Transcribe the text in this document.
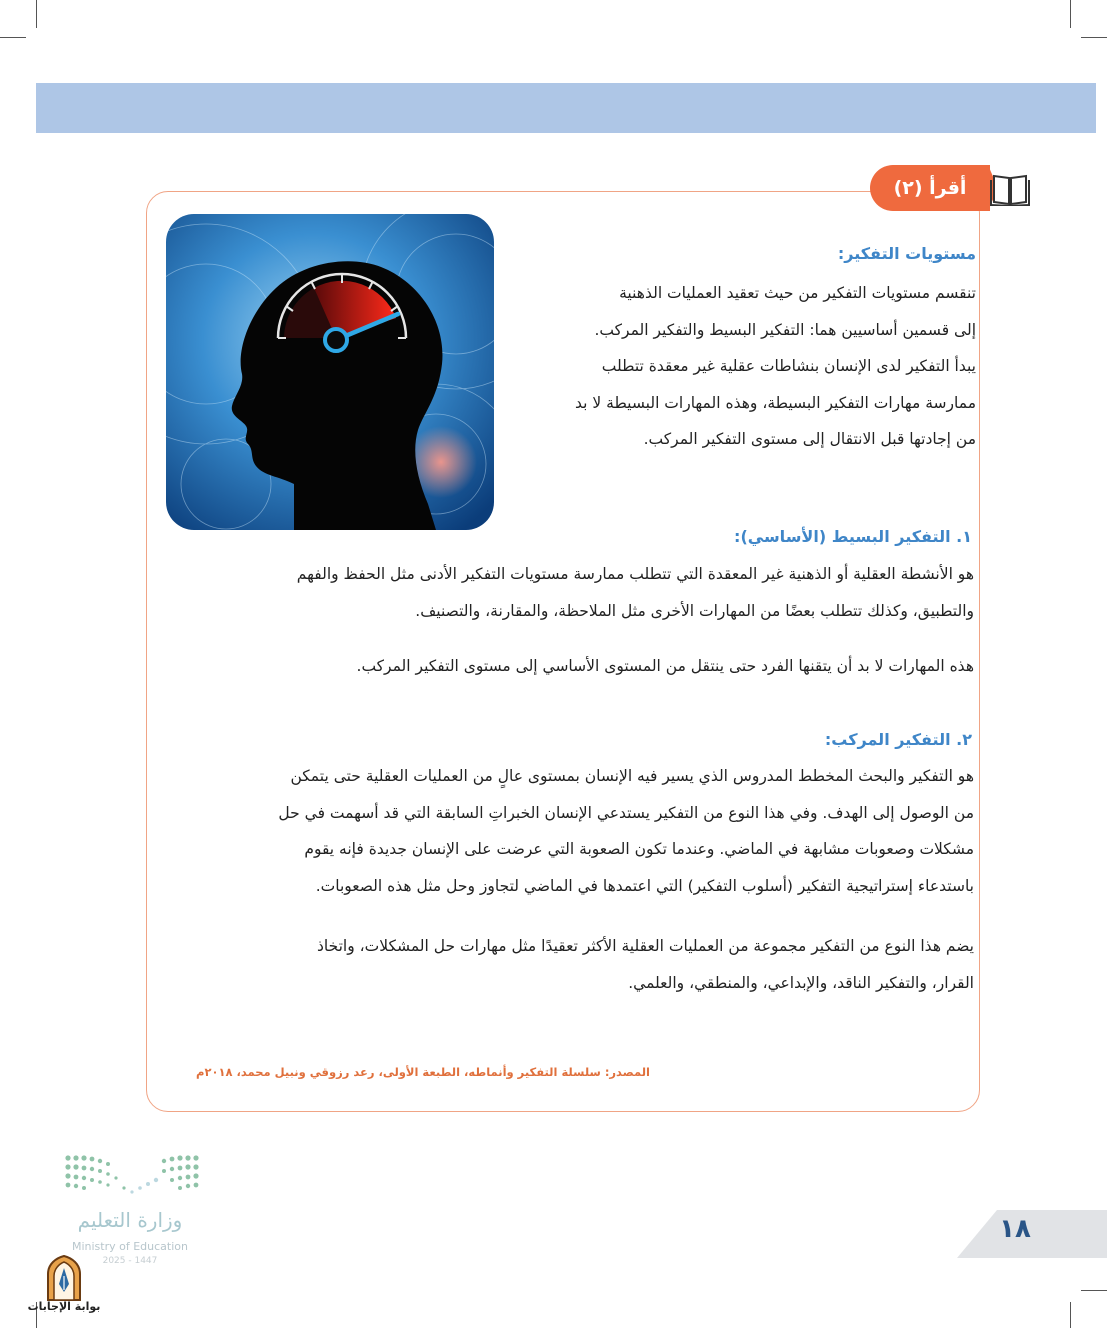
أقرأ (٢)

مستويات التفكير:

تنقسم مستويات التفكير من حيث تعقيد العمليات الذهنية
إلى قسمين أساسيين هما: التفكير البسيط والتفكير المركب.
يبدأ التفكير لدى الإنسان بنشاطات عقلية غير معقدة تتطلب
ممارسة مهارات التفكير البسيطة، وهذه المهارات البسيطة لا بد
من إجادتها قبل الانتقال إلى مستوى التفكير المركب.

١. التفكير البسيط (الأساسي):

هو الأنشطة العقلية أو الذهنية غير المعقدة التي تتطلب ممارسة مستويات التفكير الأدنى مثل الحفظ والفهم
والتطبيق، وكذلك تتطلب بعضًا من المهارات الأخرى مثل الملاحظة، والمقارنة، والتصنيف.
هذه المهارات لا بد أن يتقنها الفرد حتى ينتقل من المستوى الأساسي إلى مستوى التفكير المركب.

٢. التفكير المركب:

هو التفكير والبحث المخطط المدروس الذي يسير فيه الإنسان بمستوى عالٍ من العمليات العقلية حتى يتمكن
من الوصول إلى الهدف. وفي هذا النوع من التفكير يستدعي الإنسان الخبراتِ السابقة التي قد أسهمت في حل
مشكلات وصعوبات مشابهة في الماضي. وعندما تكون الصعوبة التي عرضت على الإنسان جديدة فإنه يقوم
باستدعاء إستراتيجية التفكير (أسلوب التفكير) التي اعتمدها في الماضي لتجاوز وحل مثل هذه الصعوبات.
يضم هذا النوع من التفكير مجموعة من العمليات العقلية الأكثر تعقيدًا مثل مهارات حل المشكلات، واتخاذ
القرار، والتفكير الناقد، والإبداعي، والمنطقي، والعلمي.
المصدر: سلسلة التفكير وأنماطه، الطبعة الأولى، رعد رزوقي ونبيل محمد، ٢٠١٨م
١٨
وزارة التعليم
Ministry of Education
2025 - 1447
بوابة الإجابات
